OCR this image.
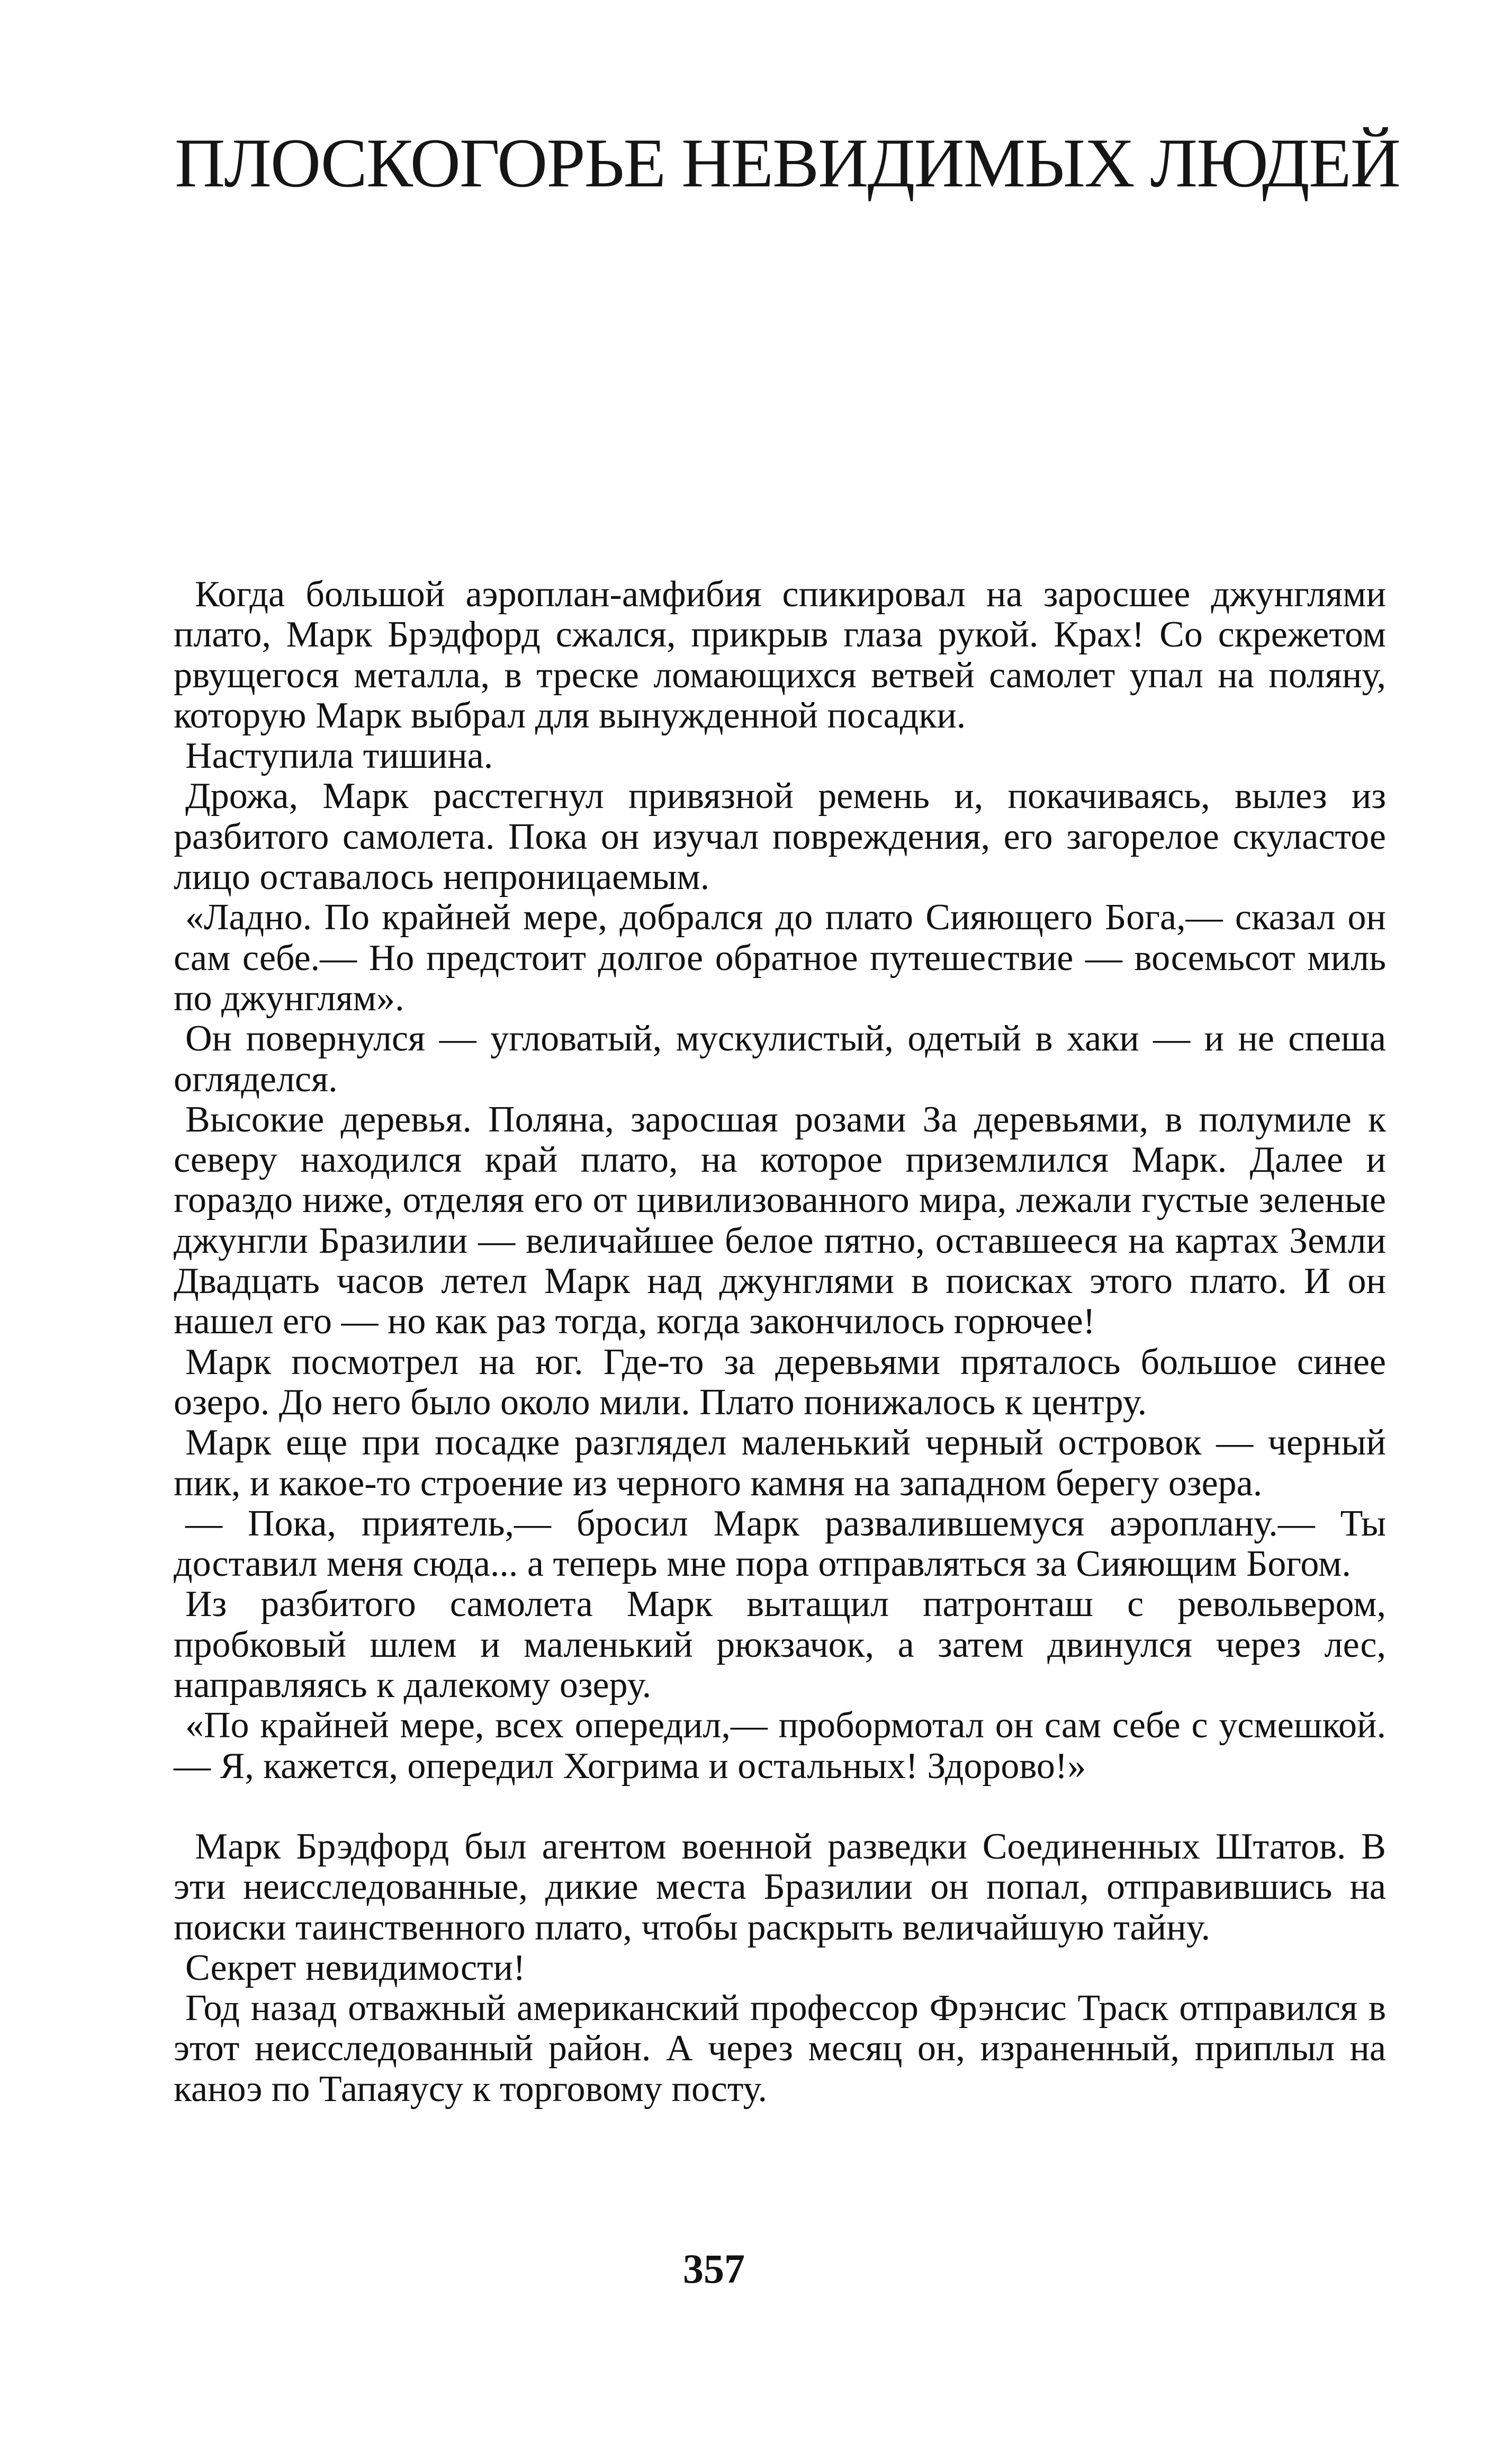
ПЛОСКОГОРЬЕ НЕВИДИМЫХ ЛЮДЕЙ

Когда большой аэроплан-амфибия спикировал на заросшее джунглями плато, Марк Брэдфорд сжался, прикрыв глаза рукой. Крах! Со скрежетом рвущегося металла, в треске ломающихся ветвей самолет упал на поляну, которую Марк выбрал для вынужденной посадки.

Наступила тишина.

Дрожа, Марк расстегнул привязной ремень и, покачиваясь, вылез из разбитого самолета. Пока он изучал повреждения, его загорелое скуластое лицо оставалось непроницаемым.

«Ладно. По крайней мере, добрался до плато Сияющего Бога,— сказал он сам себе.— Но предстоит долгое обратное путешествие — восемьсот миль по джунглям».

Он повернулся — угловатый, мускулистый, одетый в хаки — и не спеша огляделся.

Высокие деревья. Поляна, заросшая розами За деревьями, в полумиле к северу находился край плато, на которое приземлился Марк. Далее и гораздо ниже, отделяя его от цивилизованного мира, лежали густые зеленые джунгли Бразилии — величайшее белое пятно, оставшееся на картах Земли Двадцать часов летел Марк над джунглями в поисках этого плато. И он нашел его — но как раз тогда, когда закончилось горючее!

Марк посмотрел на юг. Где-то за деревьями пряталось большое синее озеро. До него было около мили. Плато понижалось к центру.

Марк еще при посадке разглядел маленький черный островок — черный пик, и какое-то строение из черного камня на западном берегу озера.

— Пока, приятель,— бросил Марк развалившемуся аэроплану.— Ты доставил меня сюда... а теперь мне пора отправляться за Сияющим Богом.

Из разбитого самолета Марк вытащил патронташ с револьвером, пробковый шлем и маленький рюкзачок, а затем двинулся через лес, направляясь к далекому озеру.

«По крайней мере, всех опередил,— пробормотал он сам себе с усмешкой.— Я, кажется, опередил Хогрима и остальных! Здорово!»

Марк Брэдфорд был агентом военной разведки Соединенных Штатов. В эти неисследованные, дикие места Бразилии он попал, отправившись на поиски таинственного плато, чтобы раскрыть величайшую тайну.

Секрет невидимости!

Год назад отважный американский профессор Фрэнсис Траск отправился в этот неисследованный район. А через месяц он, израненный, приплыл на каноэ по Тапаяусу к торговому посту.

357
